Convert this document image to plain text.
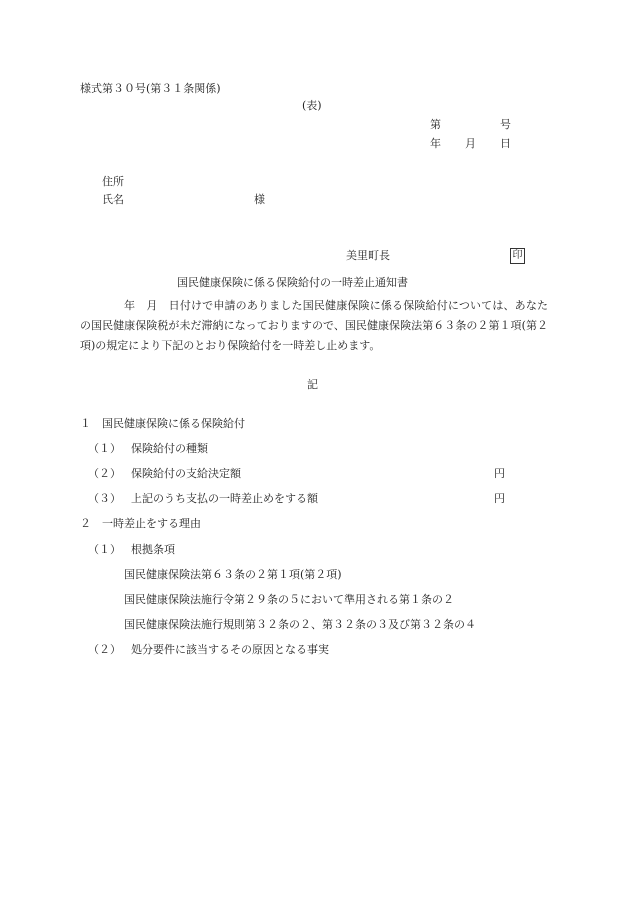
様式第３０号(第３１条関係)
(表)
第	号
年 月 日
住所
氏名	様
美里町長	印
国民健康保険に係る保険給付の一時差止通知書
年　月　日付けで申請のありました国民健康保険に係る保険給付については、あなたの国民健康保険税が未だ滞納になっておりますので、国民健康保険法第６３条の２第１項(第２項)の規定により下記のとおり保険給付を一時差し止めます。
記
１　国民健康保険に係る保険給付
（１） 保険給付の種類
（２） 保険給付の支給決定額	円
（３） 上記のうち支払の一時差止めをする額	円
２　一時差止をする理由
（１） 根拠条項
国民健康保険法第６３条の２第１項(第２項)
国民健康保険法施行令第２９条の５において準用される第１条の２
国民健康保険法施行規則第３２条の２、第３２条の３及び第３２条の４
（２） 処分要件に該当するその原因となる事実
